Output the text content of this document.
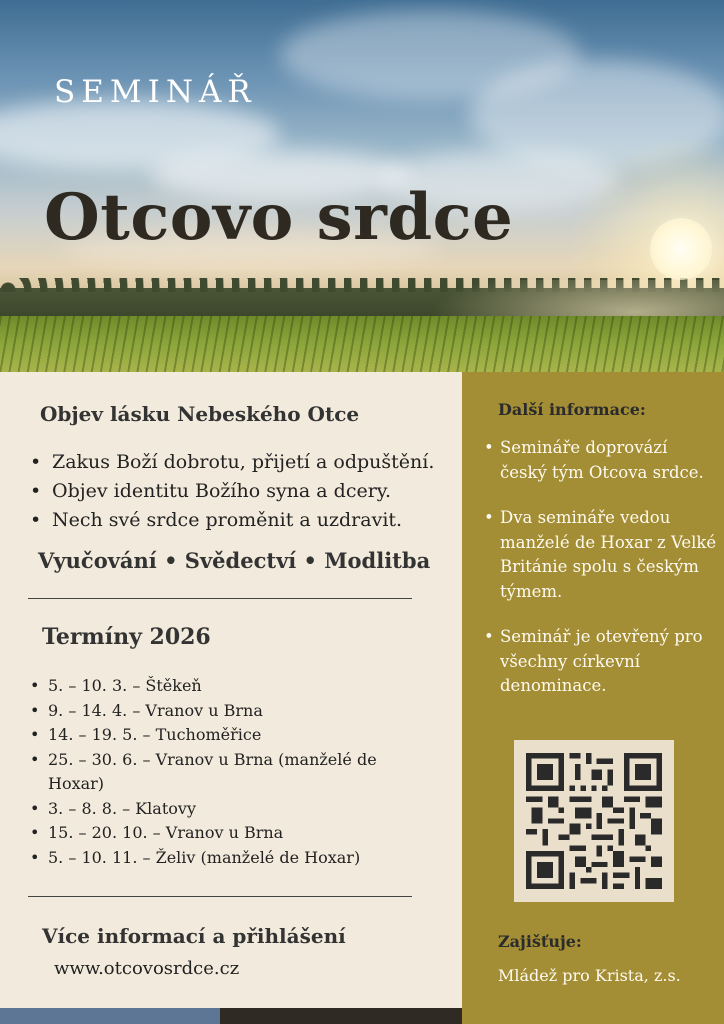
SEMINÁŘ
Otcovo srdce
Objev lásku Nebeského Otce
• Zakus Boží dobrotu, přijetí a odpuštění.
• Objev identitu Božího syna a dcery.
• Nech své srdce proměnit a uzdravit.
Vyučování • Svědectví • Modlitba
Termíny 2026
• 5. – 10. 3. – Štěkeň
• 9. – 14. 4. – Vranov u Brna
• 14. – 19. 5. – Tuchoměřice
• 25. – 30. 6. – Vranov u Brna (manželé de Hoxar)
• 3. – 8. 8. – Klatovy
• 15. – 20. 10. – Vranov u Brna
• 5. – 10. 11. – Želiv (manželé de Hoxar)
Více informací a přihlášení
www.otcovosrdce.cz
Další informace:
• Semináře doprovází český tým Otcova srdce.
• Dva semináře vedou manželé de Hoxar z Velké Británie spolu s českým týmem.
• Seminář je otevřený pro všechny církevní denominace.
Zajišťuje:
Mládež pro Krista, z.s.
